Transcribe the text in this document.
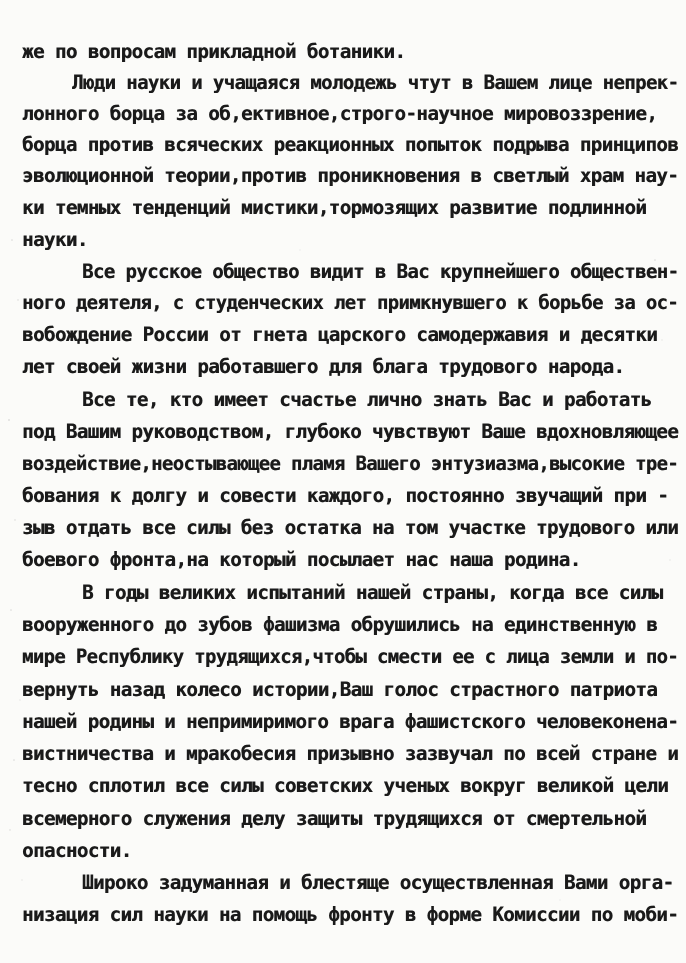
же по вопросам прикладной ботаники.
Люди науки и учащаяся молодежь чтут в Вашем лице непрек-
лонного борца за об,ективное,строго-научное мировоззрение,
борца против всяческих реакционных попыток подрыва принципов
эволюционной теории,против проникновения в светлый храм нау-
ки темных тенденций мистики,тормозящих развитие подлинной
науки.
Все русское общество видит в Вас крупнейшего обществен-
ного деятеля, с студенческих лет примкнувшего к борьбе за ос-
вобождение России от гнета царского самодержавия и десятки
лет своей жизни работавшего для блага трудового народа.
Все те, кто имеет счастье лично знать Вас и работать
под Вашим руководством, глубоко чувствуют Ваше вдохновляющее
воздействие,неостывающее пламя Вашего энтузиазма,высокие тре-
бования к долгу и совести каждого, постоянно звучащий при -
зыв отдать все силы без остатка на том участке трудового или
боевого фронта,на который посылает нас наша родина.
В годы великих испытаний нашей страны, когда все силы
вооруженного до зубов фашизма обрушились на единственную в
мире Республику трудящихся,чтобы смести ее с лица земли и по-
вернуть назад колесо истории,Ваш голос страстного патриота
нашей родины и непримиримого врага фашистского человеконена-
вистничества и мракобесия призывно зазвучал по всей стране и
тесно сплотил все силы советских ученых вокруг великой цели
всемерного служения делу защиты трудящихся от смертельной
опасности.
Широко задуманная и блестяще осуществленная Вами орга-
низация сил науки на помощь фронту в форме Комиссии по моби-
